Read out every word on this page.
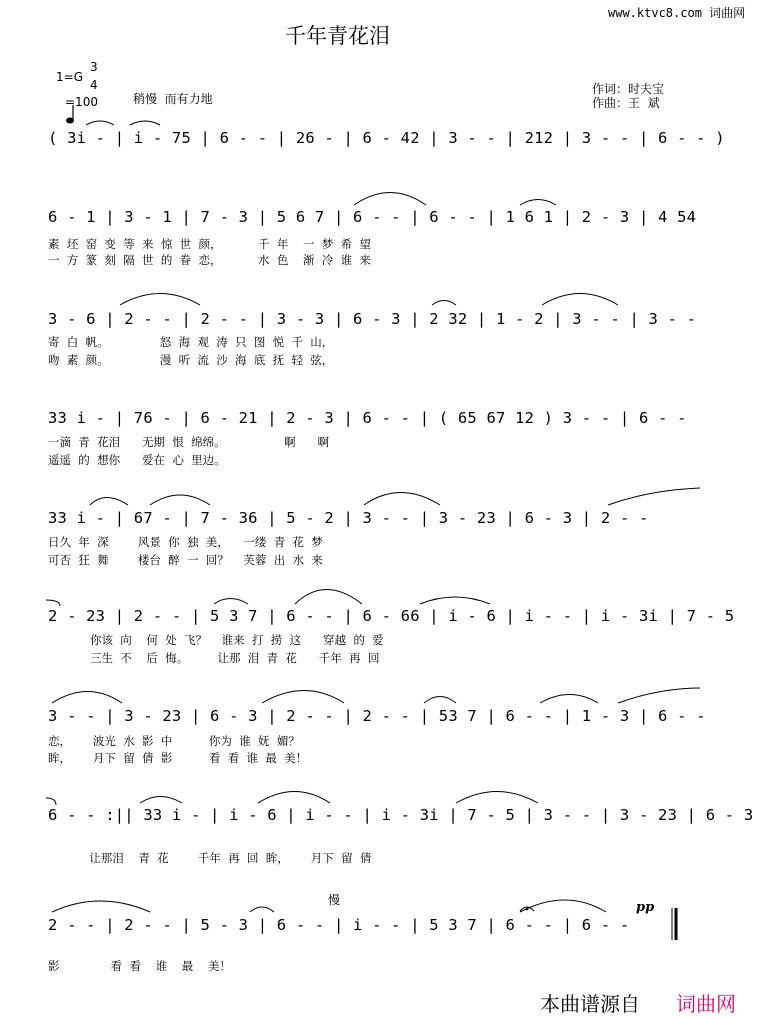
www.ktvc8.com 词曲网
千年青花泪
1=G
3
4

=100	稍慢  而有力地
作词：时夫宝
作曲：王  斌
( 3i - | i - 75 | 6 - - | 26 - | 6 - 42 | 3 - - | 212 | 3 - - | 6 - - )
6 - 1 | 3 - 1 | 7 - 3 | 5 6 7 | 6 - - | 6 - - | 1 6 1 | 2 - 3 | 4 54
素  坯  窑  变  等  来  惊  世  颜，          千  年    一  梦  希  望
一  方  篆  刻  隔  世  的  眷  恋，          水  色    渐  冷  谁  来
3 - 6 | 2 - - | 2 - - | 3 - 3 | 6 - 3 | 2 32 | 1 - 2 | 3 - - | 3 - -
寄  白  帆。              怒  海  观  涛  只  图  悦  千  山，
吻  素  颜。              漫  听  流  沙  海  底  抚  轻  弦，
33 i - | 76 - | 6 - 21 | 2 - 3 | 6 - - | ( 65 67 12 ) 3 - - | 6 - -
一滴  青  花泪      无期  恨  绵绵。                啊      啊
遥遥  的  想你      爱在  心  里边。
33 i - | 67 - | 7 - 36 | 5 - 2 | 3 - - | 3 - 23 | 6 - 3 | 2 - -
日久  年  深        风景  你  独  美，    一缕  青  花  梦
可否  狂  舞        楼台  醉  一  回？    芙蓉  出  水  来
2 - 23 | 2 - - | 5 3 7 | 6 - - | 6 - 66 | i - 6 | i - - | i - 3i | 7 - 5
你该  向    何  处  飞？    谁来  打  捞  这      穿越  的  爱
三生  不    后  悔。        让那  泪  青  花      千年  再  回
3 - - | 3 - 23 | 6 - 3 | 2 - - | 2 - - | 53 7 | 6 - - | 1 - 3 | 6 - -
恋，      波光  水  影  中          你为  谁  妩  媚？
眸，      月下  留  倩  影          看  看  谁  最  美！
6 - - :|| 33 i - | i - 6 | i - - | i - 3i | 7 - 5 | 3 - - | 3 - 23 | 6 - 3
让那泪    青  花        千年  再  回  眸，      月下  留  倩
慢	pp
2 - - | 2 - - | 5 - 3 | 6 - - | i - - | 5 3 7 | 6 - - | 6 - -
影              看  看    谁    最    美！
本曲谱源自 词曲网
